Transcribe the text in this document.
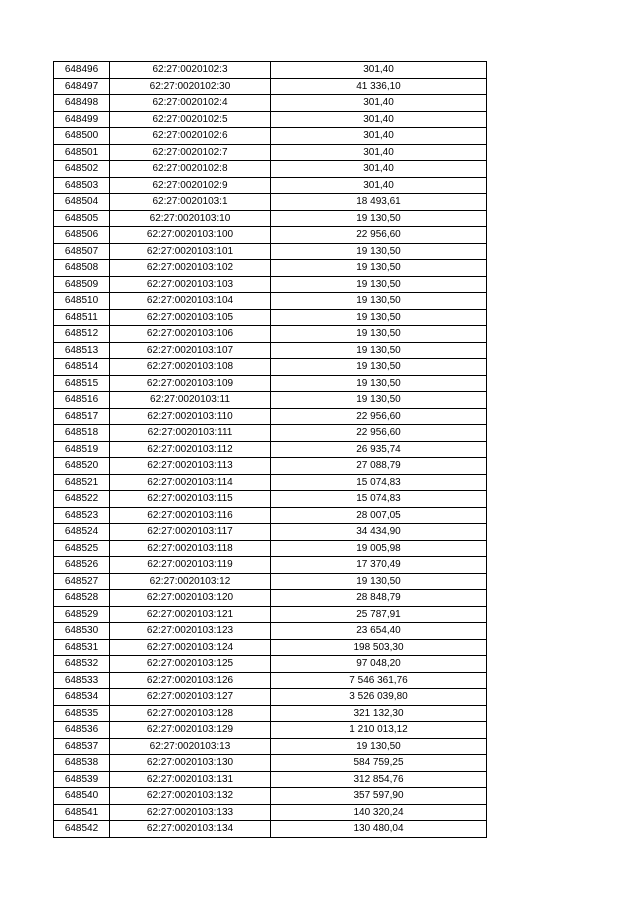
648496	62:27:0020102:3	301,40
648497	62:27:0020102:30	41 336,10
648498	62:27:0020102:4	301,40
648499	62:27:0020102:5	301,40
648500	62:27:0020102:6	301,40
648501	62:27:0020102:7	301,40
648502	62:27:0020102:8	301,40
648503	62:27:0020102:9	301,40
648504	62:27:0020103:1	18 493,61
648505	62:27:0020103:10	19 130,50
648506	62:27:0020103:100	22 956,60
648507	62:27:0020103:101	19 130,50
648508	62:27:0020103:102	19 130,50
648509	62:27:0020103:103	19 130,50
648510	62:27:0020103:104	19 130,50
648511	62:27:0020103:105	19 130,50
648512	62:27:0020103:106	19 130,50
648513	62:27:0020103:107	19 130,50
648514	62:27:0020103:108	19 130,50
648515	62:27:0020103:109	19 130,50
648516	62:27:0020103:11	19 130,50
648517	62:27:0020103:110	22 956,60
648518	62:27:0020103:111	22 956,60
648519	62:27:0020103:112	26 935,74
648520	62:27:0020103:113	27 088,79
648521	62:27:0020103:114	15 074,83
648522	62:27:0020103:115	15 074,83
648523	62:27:0020103:116	28 007,05
648524	62:27:0020103:117	34 434,90
648525	62:27:0020103:118	19 005,98
648526	62:27:0020103:119	17 370,49
648527	62:27:0020103:12	19 130,50
648528	62:27:0020103:120	28 848,79
648529	62:27:0020103:121	25 787,91
648530	62:27:0020103:123	23 654,40
648531	62:27:0020103:124	198 503,30
648532	62:27:0020103:125	97 048,20
648533	62:27:0020103:126	7 546 361,76
648534	62:27:0020103:127	3 526 039,80
648535	62:27:0020103:128	321 132,30
648536	62:27:0020103:129	1 210 013,12
648537	62:27:0020103:13	19 130,50
648538	62:27:0020103:130	584 759,25
648539	62:27:0020103:131	312 854,76
648540	62:27:0020103:132	357 597,90
648541	62:27:0020103:133	140 320,24
648542	62:27:0020103:134	130 480,04
